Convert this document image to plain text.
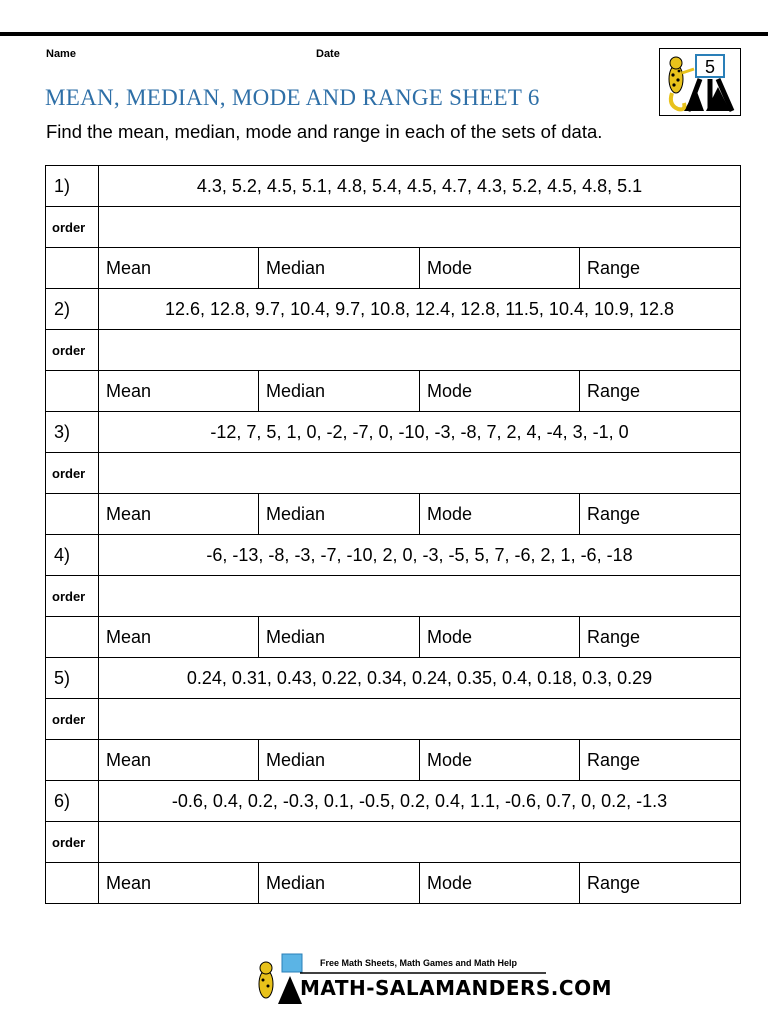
Name	Date
MEAN, MEDIAN, MODE AND RANGE SHEET 6
Find the mean, median, mode and range in each of the sets of data.
5
1)	4.3, 5.2, 4.5, 5.1, 4.8, 5.4, 4.5, 4.7, 4.3, 5.2, 4.5, 4.8, 5.1			
order				
	Mean	Median	Mode	Range
2)	12.6, 12.8, 9.7, 10.4, 9.7, 10.8, 12.4, 12.8, 11.5, 10.4, 10.9, 12.8			
order				
	Mean	Median	Mode	Range
3)	-12, 7, 5, 1, 0, -2, -7, 0, -10, -3, -8, 7, 2, 4, -4, 3, -1, 0			
order				
	Mean	Median	Mode	Range
4)	-6, -13, -8, -3, -7, -10, 2, 0, -3, -5, 5, 7, -6, 2, 1, -6, -18			
order				
	Mean	Median	Mode	Range
5)	0.24, 0.31, 0.43, 0.22, 0.34, 0.24, 0.35, 0.4, 0.18, 0.3, 0.29			
order				
	Mean	Median	Mode	Range
6)	-0.6, 0.4, 0.2, -0.3, 0.1, -0.5, 0.2, 0.4, 1.1, -0.6, 0.7, 0, 0.2, -1.3			
order				
	Mean	Median	Mode	Range
Free Math Sheets, Math Games and Math Help
MATH-SALAMANDERS.COM
